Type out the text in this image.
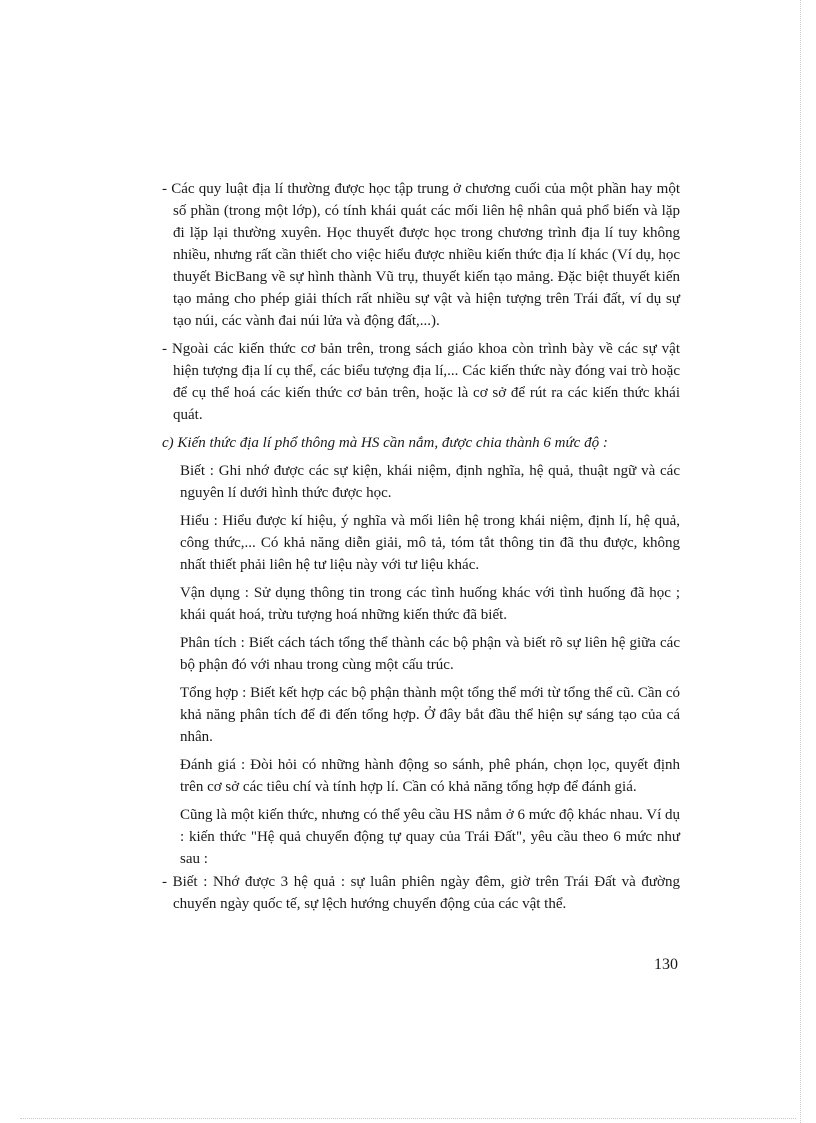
- Các quy luật địa lí thường được học tập trung ở chương cuối của một phần hay một số phần (trong một lớp), có tính khái quát các mối liên hệ nhân quả phổ biến và lặp đi lặp lại thường xuyên. Học thuyết được học trong chương trình địa lí tuy không nhiều, nhưng rất cần thiết cho việc hiểu được nhiều kiến thức địa lí khác (Ví dụ, học thuyết BicBang về sự hình thành Vũ trụ, thuyết kiến tạo mảng. Đặc biệt thuyết kiến tạo mảng cho phép giải thích rất nhiều sự vật và hiện tượng trên Trái đất, ví dụ sự tạo núi, các vành đai núi lửa và động đất,...).

- Ngoài các kiến thức cơ bản trên, trong sách giáo khoa còn trình bày về các sự vật hiện tượng địa lí cụ thể, các biểu tượng địa lí,... Các kiến thức này đóng vai trò hoặc để cụ thể hoá các kiến thức cơ bản trên, hoặc là cơ sở để rút ra các kiến thức khái quát.

c) Kiến thức địa lí phổ thông mà HS cần nắm, được chia thành 6 mức độ :

Biết : Ghi nhớ được các sự kiện, khái niệm, định nghĩa, hệ quả, thuật ngữ và các nguyên lí dưới hình thức được học.

Hiểu : Hiểu được kí hiệu, ý nghĩa và mối liên hệ trong khái niệm, định lí, hệ quả, công thức,... Có khả năng diễn giải, mô tả, tóm tắt thông tin đã thu được, không nhất thiết phải liên hệ tư liệu này với tư liệu khác.

Vận dụng : Sử dụng thông tin trong các tình huống khác với tình huống đã học ; khái quát hoá, trừu tượng hoá những kiến thức đã biết.

Phân tích : Biết cách tách tổng thể thành các bộ phận và biết rõ sự liên hệ giữa các bộ phận đó với nhau trong cùng một cấu trúc.

Tổng hợp : Biết kết hợp các bộ phận thành một tổng thể mới từ tổng thể cũ. Cần có khả năng phân tích để đi đến tổng hợp. Ở đây bắt đầu thể hiện sự sáng tạo của cá nhân.

Đánh giá : Đòi hỏi có những hành động so sánh, phê phán, chọn lọc, quyết định trên cơ sở các tiêu chí và tính hợp lí. Cần có khả năng tổng hợp để đánh giá.

Cũng là một kiến thức, nhưng có thể yêu cầu HS nắm ở 6 mức độ khác nhau. Ví dụ : kiến thức "Hệ quả chuyển động tự quay của Trái Đất", yêu cầu theo 6 mức như sau :

- Biết : Nhớ được 3 hệ quả : sự luân phiên ngày đêm, giờ trên Trái Đất và đường chuyển ngày quốc tế, sự lệch hướng chuyển động của các vật thể.

130
